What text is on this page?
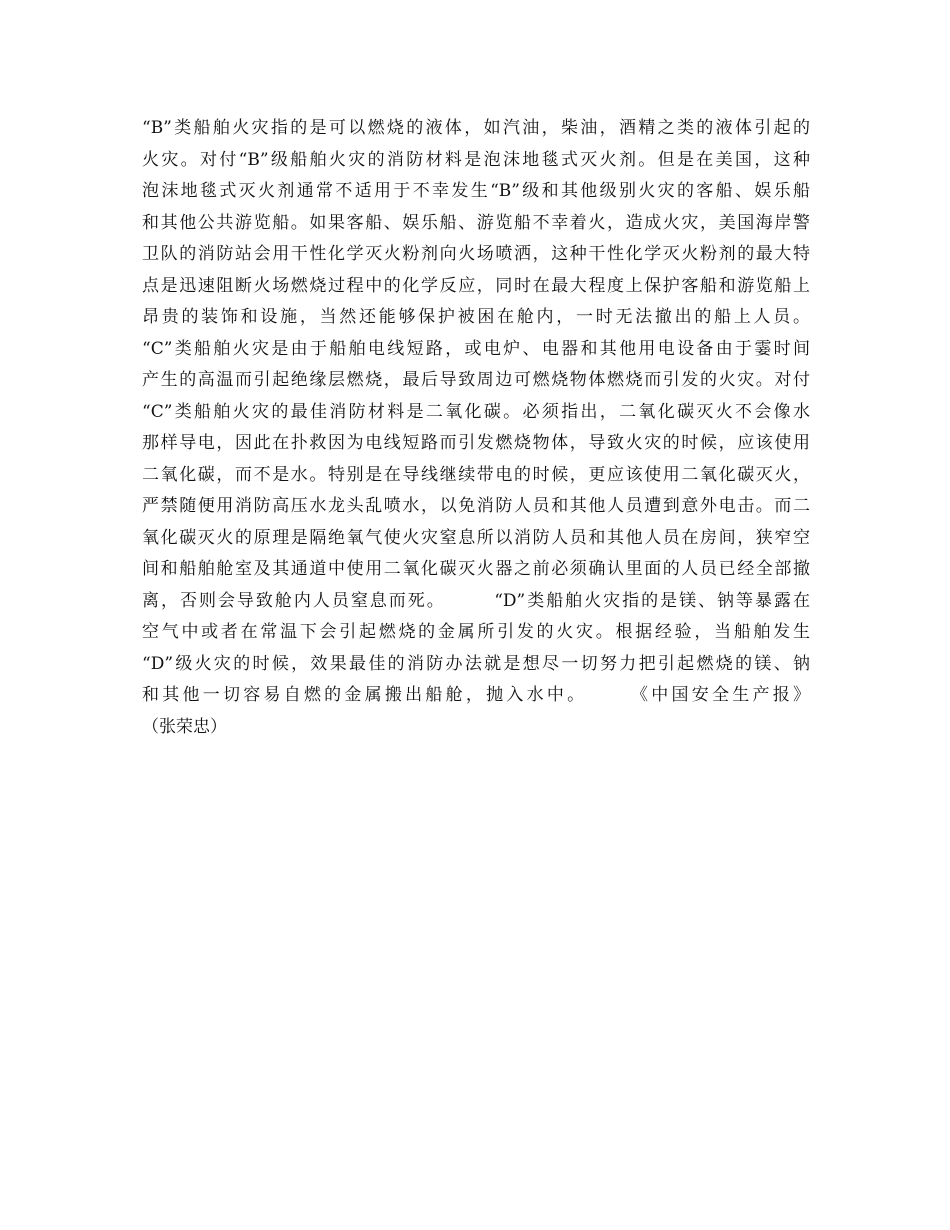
“B”类船舶火灾指的是可以燃烧的液体，如汽油，柴油，酒精之类的液体引起的
火灾。对付“B”级船舶火灾的消防材料是泡沫地毯式灭火剂。但是在美国，这种
泡沫地毯式灭火剂通常不适用于不幸发生“B”级和其他级别火灾的客船、娱乐船
和其他公共游览船。如果客船、娱乐船、游览船不幸着火，造成火灾，美国海岸警
卫队的消防站会用干性化学灭火粉剂向火场喷洒，这种干性化学灭火粉剂的最大特
点是迅速阻断火场燃烧过程中的化学反应，同时在最大程度上保护客船和游览船上
昂贵的装饰和设施，当然还能够保护被困在舱内，一时无法撤出的船上人员。
“C”类船舶火灾是由于船舶电线短路，或电炉、电器和其他用电设备由于霎时间
产生的高温而引起绝缘层燃烧，最后导致周边可燃烧物体燃烧而引发的火灾。对付
“C”类船舶火灾的最佳消防材料是二氧化碳。必须指出，二氧化碳灭火不会像水
那样导电，因此在扑救因为电线短路而引发燃烧物体，导致火灾的时候，应该使用
二氧化碳，而不是水。特别是在导线继续带电的时候，更应该使用二氧化碳灭火，
严禁随便用消防高压水龙头乱喷水，以免消防人员和其他人员遭到意外电击。而二
氧化碳灭火的原理是隔绝氧气使火灾窒息所以消防人员和其他人员在房间，狭窄空
间和船舶舱室及其通道中使用二氧化碳灭火器之前必须确认里面的人员已经全部撤
离，否则会导致舱内人员窒息而死。　　　“D”类船舶火灾指的是镁、钠等暴露在
空气中或者在常温下会引起燃烧的金属所引发的火灾。根据经验，当船舶发生
“D”级火灾的时候，效果最佳的消防办法就是想尽一切努力把引起燃烧的镁、钠
和其他一切容易自燃的金属搬出船舱，抛入水中。　　　《中国安全生产报》
（张荣忠）
